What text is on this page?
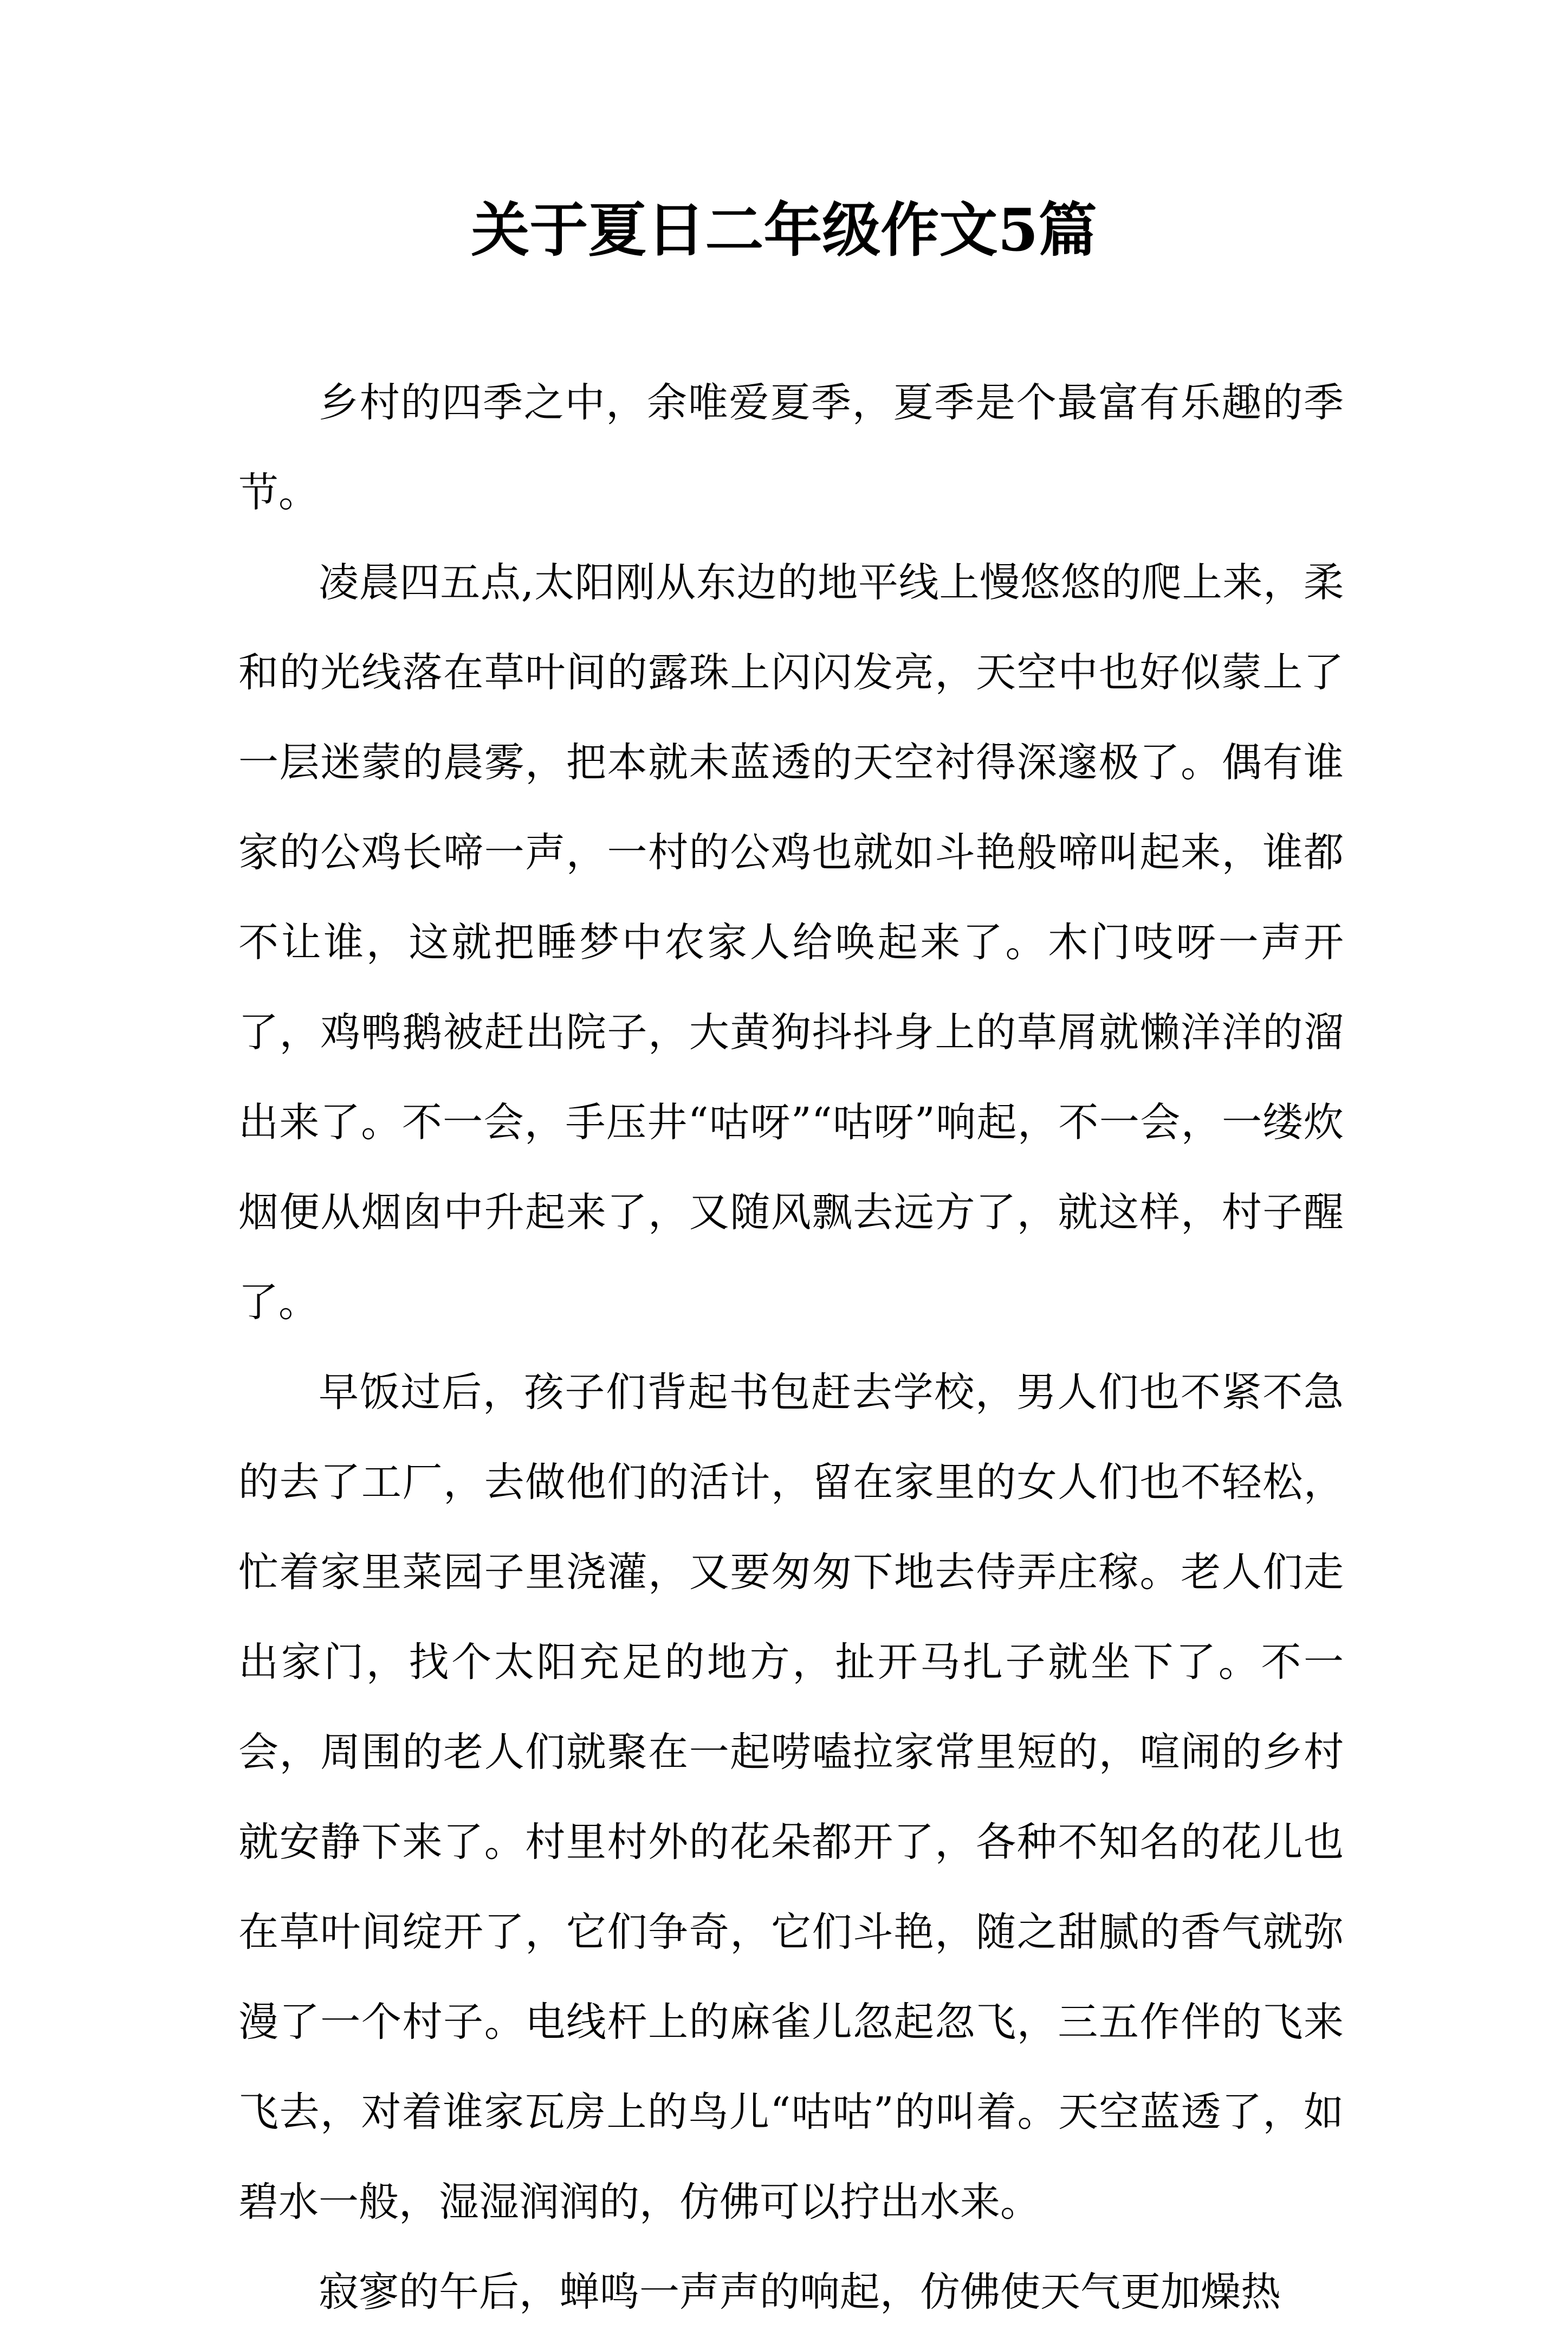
关于夏日二年级作文5篇

乡村的四季之中，余唯爱夏季，夏季是个最富有乐趣的季节。

凌晨四五点,太阳刚从东边的地平线上慢悠悠的爬上来，柔和的光线落在草叶间的露珠上闪闪发亮，天空中也好似蒙上了一层迷蒙的晨雾，把本就未蓝透的天空衬得深邃极了。偶有谁家的公鸡长啼一声，一村的公鸡也就如斗艳般啼叫起来，谁都不让谁，这就把睡梦中农家人给唤起来了。木门吱呀一声开了，鸡鸭鹅被赶出院子，大黄狗抖抖身上的草屑就懒洋洋的溜出来了。不一会，手压井“咕呀”“咕呀”响起，不一会，一缕炊烟便从烟囱中升起来了，又随风飘去远方了，就这样，村子醒了。

早饭过后，孩子们背起书包赶去学校，男人们也不紧不急的去了工厂，去做他们的活计，留在家里的女人们也不轻松，忙着家里菜园子里浇灌，又要匆匆下地去侍弄庄稼。老人们走出家门，找个太阳充足的地方，扯开马扎子就坐下了。不一会，周围的老人们就聚在一起唠嗑拉家常里短的，喧闹的乡村就安静下来了。村里村外的花朵都开了，各种不知名的花儿也在草叶间绽开了，它们争奇，它们斗艳，随之甜腻的香气就弥漫了一个村子。电线杆上的麻雀儿忽起忽飞，三五作伴的飞来飞去，对着谁家瓦房上的鸟儿“咕咕”的叫着。天空蓝透了，如碧水一般，湿湿润润的，仿佛可以拧出水来。

寂寥的午后，蝉鸣一声声的响起，仿佛使天气更加燥热
